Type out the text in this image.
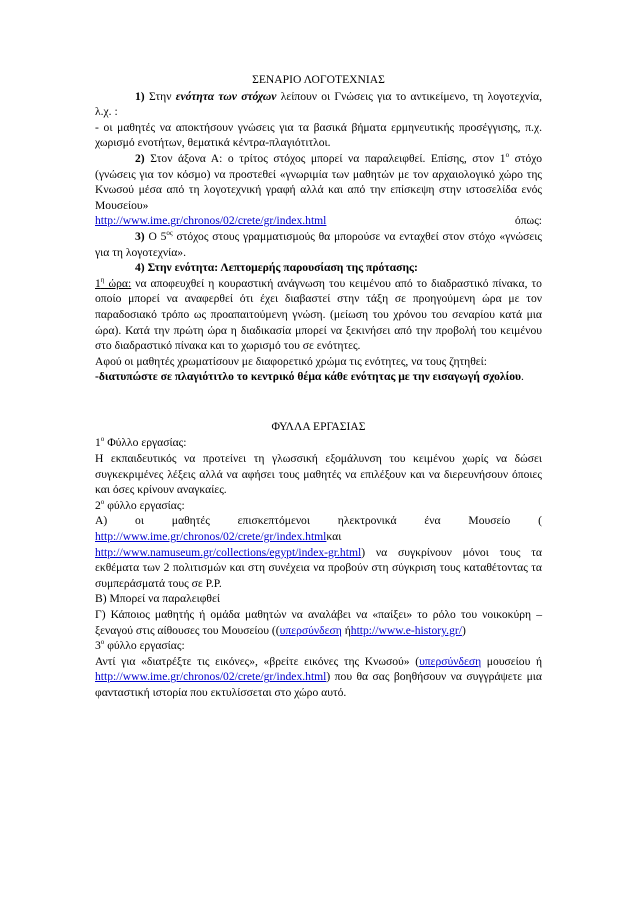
ΣΕΝΑΡΙΟ ΛΟΓΟΤΕΧΝΙΑΣ

1) Στην ενότητα των στόχων λείπουν οι Γνώσεις για το αντικείμενο, τη λογοτεχνία, λ.χ. :

- οι μαθητές να αποκτήσουν γνώσεις για τα βασικά βήματα ερμηνευτικής προσέγγισης, π.χ. χωρισμό ενοτήτων, θεματικά κέντρα-πλαγιότιτλοι.

2) Στον άξονα Α: ο τρίτος στόχος μπορεί να παραλειφθεί. Επίσης, στον $1^o$ στόχο (γνώσεις για τον κόσμο) να προστεθεί «γνωριμία των μαθητών με τον αρχαιολογικό χώρο της Κνωσού μέσα από τη λογοτεχνική γραφή αλλά και από την επίσκεψη στην ιστοσελίδα ενός Μουσείου»

http://www.ime.gr/chronos/02/crete/gr/index.html	όπως:

3) Ο $5^{o\varsigma}$ στόχος στους γραμματισμούς θα μπορούσε να ενταχθεί στον στόχο «γνώσεις για τη λογοτεχνία».

4) Στην ενότητα: Λεπτομερής παρουσίαση της πρότασης:

$1^\eta$ ώρα: να αποφευχθεί η κουραστική ανάγνωση του κειμένου από το διαδραστικό πίνακα, το οποίο μπορεί να αναφερθεί ότι έχει διαβαστεί στην τάξη σε προηγούμενη ώρα με τον παραδοσιακό τρόπο ως προαπαιτούμενη γνώση. (μείωση του χρόνου του σεναρίου κατά μια ώρα). Κατά την πρώτη ώρα η διαδικασία μπορεί να ξεκινήσει από την προβολή του κειμένου στο διαδραστικό πίνακα και το χωρισμό του σε ενότητες.

Αφού οι μαθητές χρωματίσουν με διαφορετικό χρώμα τις ενότητες, να τους ζητηθεί:

-διατυπώστε σε πλαγιότιτλο το κεντρικό θέμα κάθε ενότητας με την εισαγωγή σχολίου.

ΦΥΛΛΑ ΕΡΓΑΣΙΑΣ

$1^o$ Φύλλο εργασίας:

Η εκπαιδευτικός να προτείνει τη γλωσσική εξομάλυνση του κειμένου χωρίς να δώσει συγκεκριμένες λέξεις αλλά να αφήσει τους μαθητές να επιλέξουν και να διερευνήσουν όποιες και όσες κρίνουν αναγκαίες.

$2^o$ φύλλο εργασίας:

Α) οι μαθητές επισκεπτόμενοι ηλεκτρονικά ένα Μουσείο (

http://www.ime.gr/chronos/02/crete/gr/index.htmlκαι http://www.namuseum.gr/collections/egypt/index-gr.html) να συγκρίνουν μόνοι τους τα εκθέματα των 2 πολιτισμών και στη συνέχεια να προβούν στη σύγκριση τους καταθέτοντας τα συμπεράσματά τους σε Ρ.Ρ.

Β) Μπορεί να παραλειφθεί

Γ) Κάποιος μαθητής ή ομάδα μαθητών να αναλάβει να «παίξει» το ρόλο του νοικοκύρη –ξεναγού στις αίθουσες του Μουσείου ((υπερσύνδεση ήhttp://www.e-history.gr/)

$3^o$ φύλλο εργασίας:

Αντί για «διατρέξτε τις εικόνες», «βρείτε εικόνες της Κνωσού» (υπερσύνδεση μουσείου ή http://www.ime.gr/chronos/02/crete/gr/index.html) που θα σας βοηθήσουν να συγγράψετε μια φανταστική ιστορία που εκτυλίσσεται στο χώρο αυτό.
